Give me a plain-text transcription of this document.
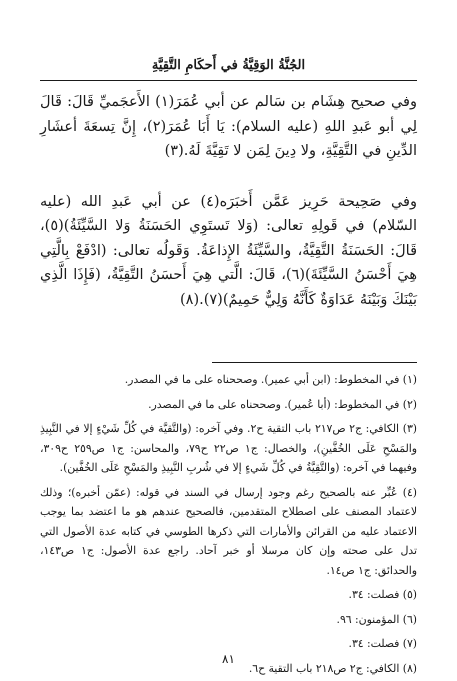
الجُنَّةُ الوَقِيَّةُ في أَحكَامِ التَّقِيَّةِ

وفي صحيح هِشَام بن سَالم عن أبي عُمَرَ(١) الأَعجَميِّ قَالَ: قَالَ لِي أبو عَبدِ اللهِ (عليه السلام): يَا أَبَا عُمَرَ(٢)، إِنَّ تِسعَةَ أعشَارِ الدِّينِ في التَّقِيَّةِ، ولا دِينَ لِمَن لا تَقِيَّةَ لَهُ.(٣)

وفي صَحِيحة حَرِيز عَمَّن أَخبَرَه(٤) عن أبي عَبدِ الله (عليه السّلام) في قَولِهِ تعالى: (وَلا تَستَوِي الحَسَنَةُ وَلا السَّيِّئَةُ)(٥)، قَالَ: الحَسَنَةُ التَّقِيَّةُ، والسَّيِّئَةُ الإِذاعَةُ. وَقَولُه تعالى: (ادْفَعْ بِالَّتِي هِيَ أَحْسَنُ السَّيِّئَةَ)(٦)، قَالَ: الَّتي هِيَ أَحسَنُ التَّقِيَّةُ، (فَإِذَا الَّذِي بَيْنَكَ وَبَيْنَهُ عَدَاوَةٌ كَأَنَّهُ وَلِيٌّ حَمِيمٌ)(٧).(٨)

(١) في المخطوط: (ابن أبي عمير). وصححناه على ما في المصدر.
(٢) في المخطوط: (أبا عُمير). وصححناه على ما في المصدر.
(٣) الكافي: ج٢ ص٢١٧ باب التقية ح٢. وفي آخره: (والتَّقيَّة في كُلِّ شَيْءٍ إلا في النَّبِيذِ والمَسْحِ عَلَى الخُفَّينِ)، والخصال: ج١ ص٢٢ ح٧٩، والمحاسن: ج١ ص٢٥٩ ح٣٠٩، وفيهما في آخره: (والتَّقِيَّةُ في كُلِّ شَيءٍ إلا في شُربِ النَّبِيذِ والمَسْحِ عَلَى الخُفَّين).
(٤) عُبِّر عنه بالصحيح رغم وجود إرسال في السند في قوله: (عمّن أخبره)؛ وذلك لاعتماد المصنف على اصطلاح المتقدمين، فالصحيح عندهم هو ما اعتضد بما يوجب الاعتماد عليه من القرائن والأمارات التي ذكرها الطوسي في كتابه عدة الأصول التي تدل على صحته وإن كان مرسلا أو خبر آحاد. راجع عدة الأصول: ج١ ص١٤٣، والحدائق: ج١ ص١٤.
(٥) فصلت: ٣٤.
(٦) المؤمنون: ٩٦.
(٧) فصلت: ٣٤.
(٨) الكافي: ج٢ ص٢١٨ باب التقية ح٦.
٨١
